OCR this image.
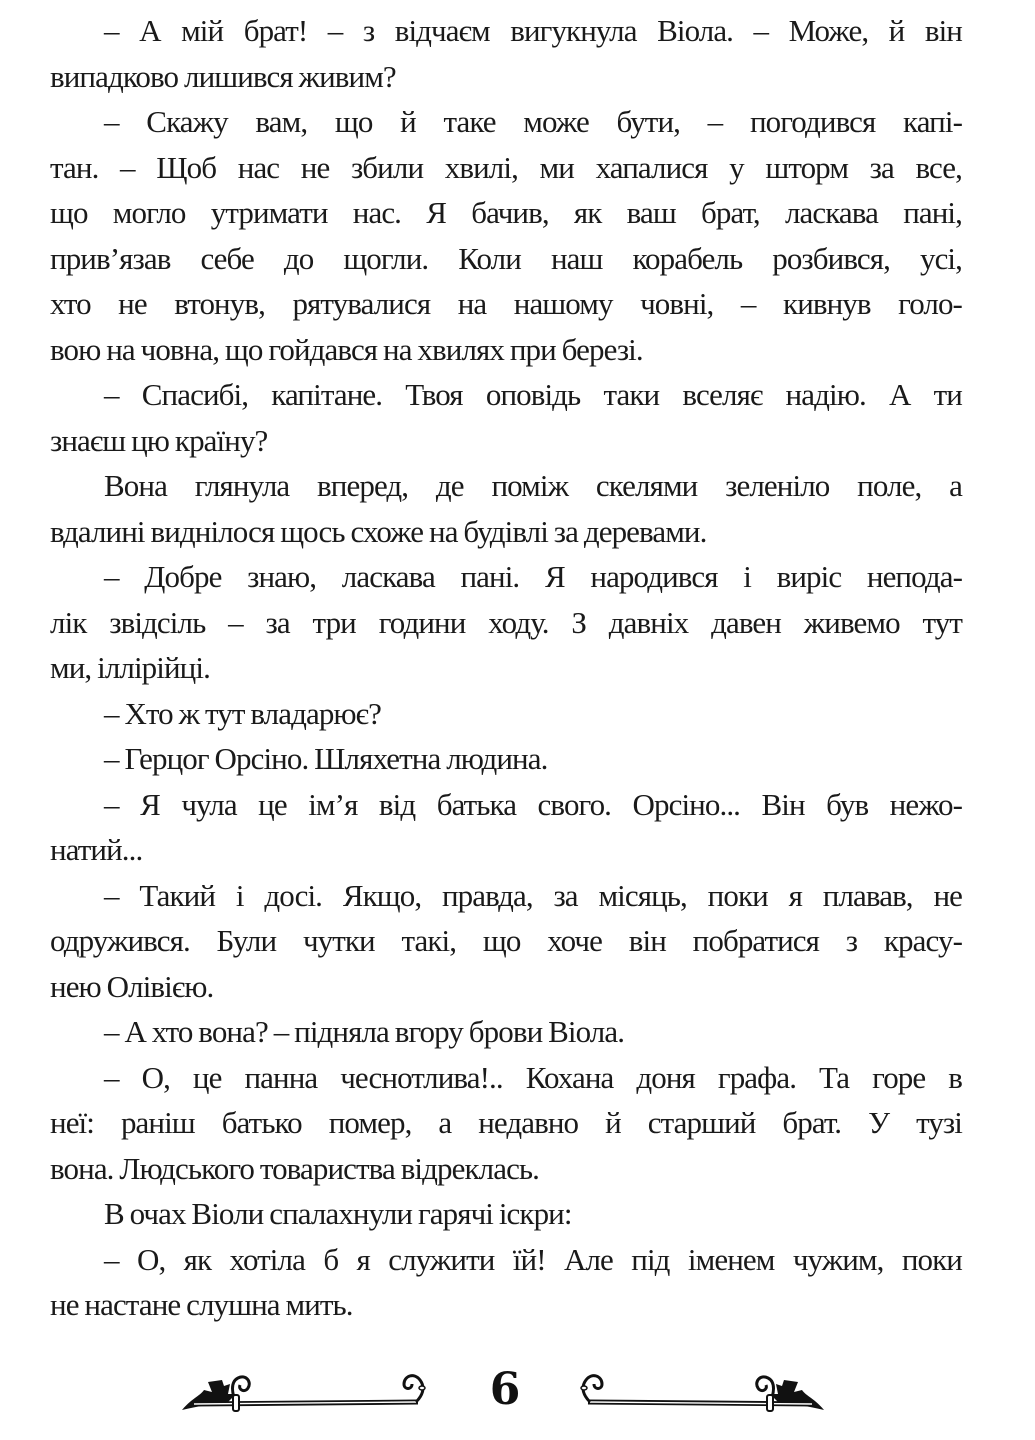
– А мій брат! – з відчаєм вигукнула Віола. – Може, й він
випадково лишився живим?
– Скажу вам, що й таке може бути, – погодився капі-
тан. – Щоб нас не збили хвилі, ми хапалися у шторм за все,
що могло утримати нас. Я бачив, як ваш брат, ласкава пані,
прив’язав себе до щогли. Коли наш корабель розбився, усі,
хто не втонув, рятувалися на нашому човні, – кивнув голо-
вою на човна, що гойдався на хвилях при березі.
– Спасибі, капітане. Твоя оповідь таки вселяє надію. А ти
знаєш цю країну?
Вона глянула вперед, де поміж скелями зеленіло поле, а
вдалині виднілося щось схоже на будівлі за деревами.
– Добре знаю, ласкава пані. Я народився і виріс непода-
лік звідсіль – за три години ходу. З давніх давен живемо тут
ми, іллірійці.
– Хто ж тут владарює?
– Герцог Орсіно. Шляхетна людина.
– Я чула це ім’я від батька свого. Орсіно... Він був нежо-
натий...
– Такий і досі. Якщо, правда, за місяць, поки я плавав, не
одружився. Були чутки такі, що хоче він побратися з красу-
нею Олівією.
– А хто вона? – підняла вгору брови Віола.
– О, це панна чеснотлива!.. Кохана доня графа. Та горе в
неї: раніш батько помер, а недавно й старший брат. У тузі
вона. Людського товариства відреклась.
В очах Віоли спалахнули гарячі іскри:
– О, як хотіла б я служити їй! Але під іменем чужим, поки
не настане слушна мить.
6
